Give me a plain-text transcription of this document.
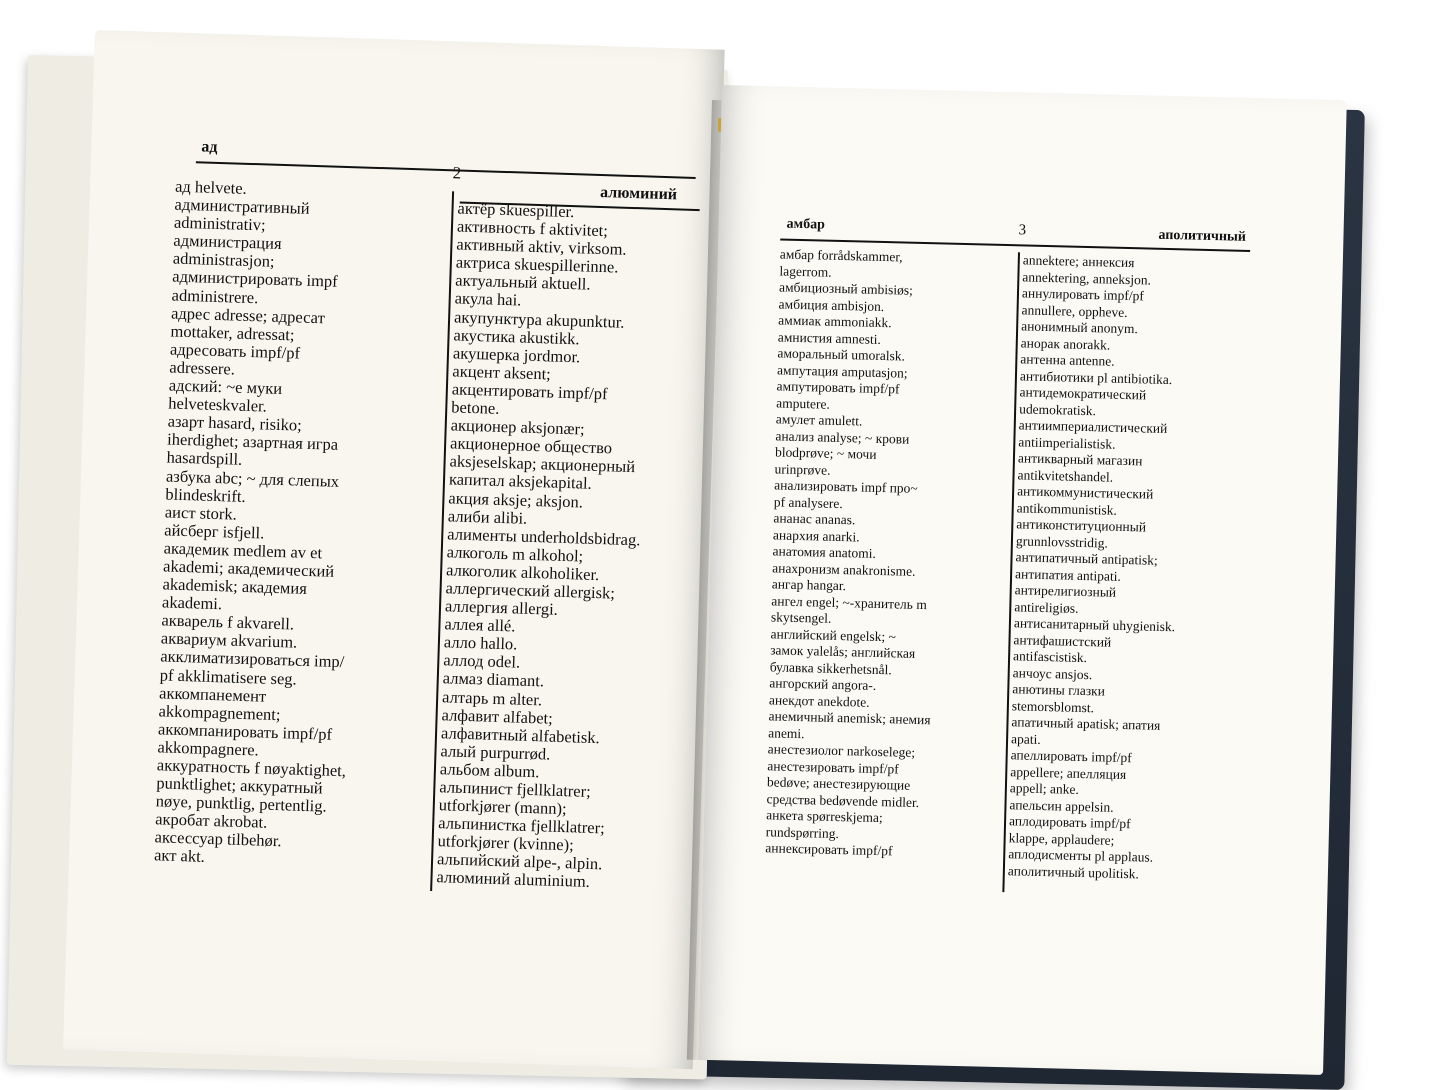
ад
2
алюминий
ад helvete.
административный
administrativ;
администрация
administrasjon;
администрировать impf
administrere.
адрес adresse; адресат
mottaker, adressat;
адресовать impf/pf
adressere.
адский: ~е муки
helveteskvaler.
азарт hasard, risiko;
iherdighet; азартная игра
hasardspill.
азбука abc; ~ для слепых
blindeskrift.
аист stork.
айсберг isfjell.
академик medlem av et
akademi; академический
akademisk; академия
akademi.
акварель f akvarell.
аквариум akvarium.
акклиматизироваться imp/
pf akklimatisere seg.
аккомпанемент
akkompagnement;
аккомпанировать impf/pf
akkompagnere.
аккуратность f nøyaktighet,
punktlighet; аккуратный
nøye, punktlig, pertentlig.
акробат akrobat.
аксессуар tilbehør.
акт akt.
актёр skuespiller.
активность f aktivitet;
активный aktiv, virksom.
актриса skuespillerinne.
актуальный aktuell.
акула hai.
акупунктура akupunktur.
акустика akustikk.
акушерка jordmor.
акцент aksent;
акцентировать impf/pf
betone.
акционер aksjonær;
акционерное общество
aksjeselskap; акционерный
капитал aksjekapital.
акция aksje; aksjon.
алиби alibi.
алименты underholdsbidrag.
алкоголь m alkohol;
алкоголик alkoholiker.
аллергический allergisk;
аллергия allergi.
аллея allé.
алло hallo.
аллод odel.
алмаз diamant.
алтарь m alter.
алфавит alfabet;
алфавитный alfabetisk.
алый purpurrød.
альбом album.
альпинист fjellklatrer;
utforkjører (mann);
альпинистка fjellklatrer;
utforkjører (kvinne);
альпийский alpe-, alpin.
алюминий aluminium.
амбар	3	аполитичный
амбар forrådskammer,
lagerrom.
амбициозный ambisiøs;
амбиция ambisjon.
аммиак ammoniakk.
амнистия amnesti.
аморальный umoralsk.
ампутация amputasjon;
ампутировать impf/pf
amputere.
амулет amulett.
анализ analyse; ~ крови
blodprøve; ~ мочи
urinprøve.
анализировать impf про~
pf analysere.
ананас ananas.
анархия anarki.
анатомия anatomi.
анахронизм anakronisme.
ангар hangar.
ангел engel; ~-хранитель m
skytsengel.
английский engelsk; ~
замок yalelås; английская
булавка sikkerhetsnål.
ангорский angora-.
анекдот anekdote.
анемичный anemisk; анемия
anemi.
анестезиолог narkoselege;
анестезировать impf/pf
bedøve; анестезирующие
средства bedøvende midler.
анкета spørreskjema;
rundspørring.
аннексировать impf/pf
annektere; аннексия
annektering, anneksjon.
аннулировать impf/pf
annullere, oppheve.
анонимный anonym.
анорак anorakk.
антенна antenne.
антибиотики pl antibiotika.
антидемократический
udemokratisk.
антиимпериалистический
antiimperialistisk.
антикварный магазин
antikvitetshandel.
антикоммунистический
antikommunistisk.
антиконституционный
grunnlovsstridig.
антипатичный antipatisk;
антипатия antipati.
антирелигиозный
antireligiøs.
антисанитарный uhygienisk.
антифашистский
antifascistisk.
анчоус ansjos.
анютины глазки
stemorsblomst.
апатичный apatisk; апатия
apati.
апеллировать impf/pf
appellere; апелляция
appell; anke.
апельсин appelsin.
аплодировать impf/pf
klappe, applaudere;
аплодисменты pl applaus.
аполитичный upolitisk.
